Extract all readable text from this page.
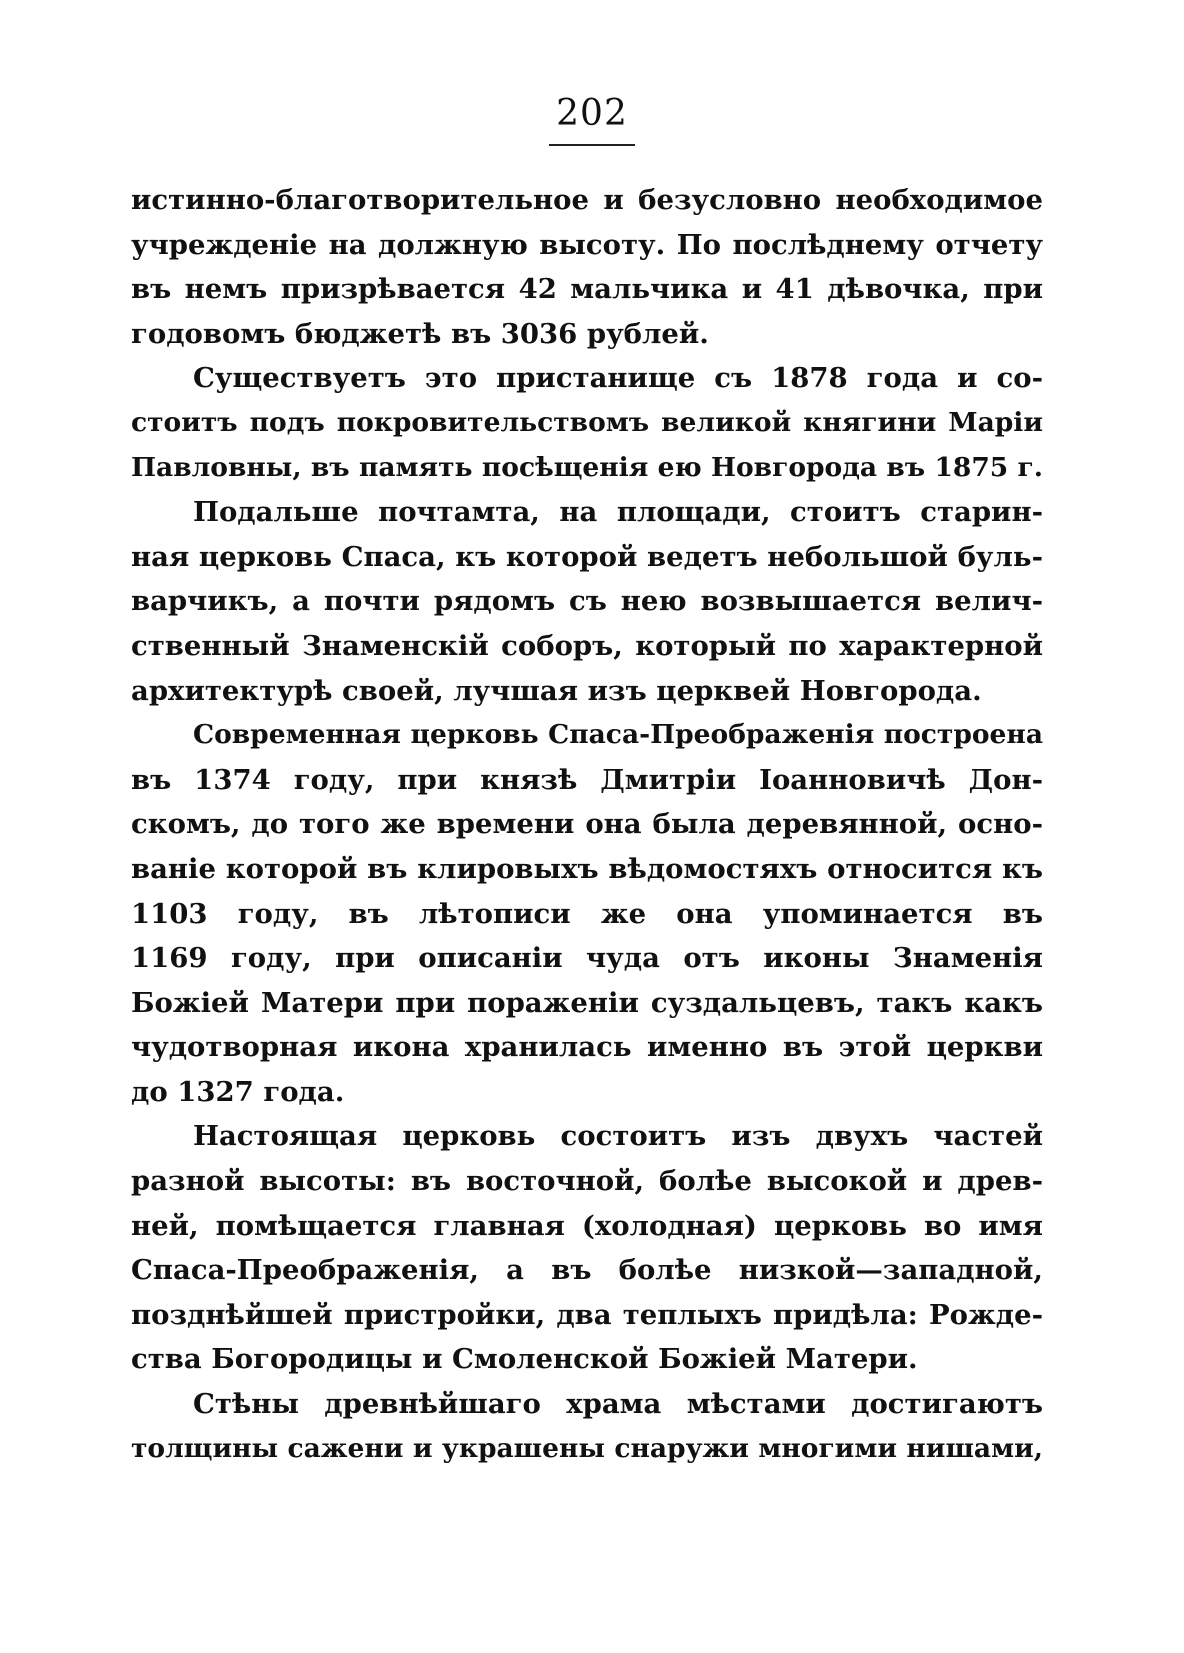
202
истинно-благотворительное и безусловно необходимое
учрежденіе на должную высоту. По послѣднему отчету
въ немъ призрѣвается 42 мальчика и 41 дѣвочка, при
годовомъ бюджетѣ въ 3036 рублей.
Существуетъ это пристанище съ 1878 года и со-
стоитъ подъ покровительствомъ великой княгини Маріи
Павловны, въ память посѣщенія ею Новгорода въ 1875 г.
Подальше почтамта, на площади, стоитъ старин-
ная церковь Спаса, къ которой ведетъ небольшой буль-
варчикъ, а почти рядомъ съ нею возвышается велич-
ственный Знаменскій соборъ, который по характерной
архитектурѣ своей, лучшая изъ церквей Новгорода.
Современная церковь Спаса-Преображенія построена
въ 1374 году, при князѣ Дмитріи Іоанновичѣ Дон-
скомъ, до того же времени она была деревянной, осно-
ваніе которой въ клировыхъ вѣдомостяхъ относится къ
1103 году, въ лѣтописи же она упоминается въ
1169 году, при описаніи чуда отъ иконы Знаменія
Божіей Матери при пораженіи суздальцевъ, такъ какъ
чудотворная икона хранилась именно въ этой церкви
до 1327 года.
Настоящая церковь состоитъ изъ двухъ частей
разной высоты: въ восточной, болѣе высокой и древ-
ней, помѣщается главная (холодная) церковь во имя
Спаса-Преображенія, а въ болѣе низкой—западной,
позднѣйшей пристройки, два теплыхъ придѣла: Рожде-
ства Богородицы и Смоленской Божіей Матери.
Стѣны древнѣйшаго храма мѣстами достигаютъ
толщины сажени и украшены снаружи многими нишами,
